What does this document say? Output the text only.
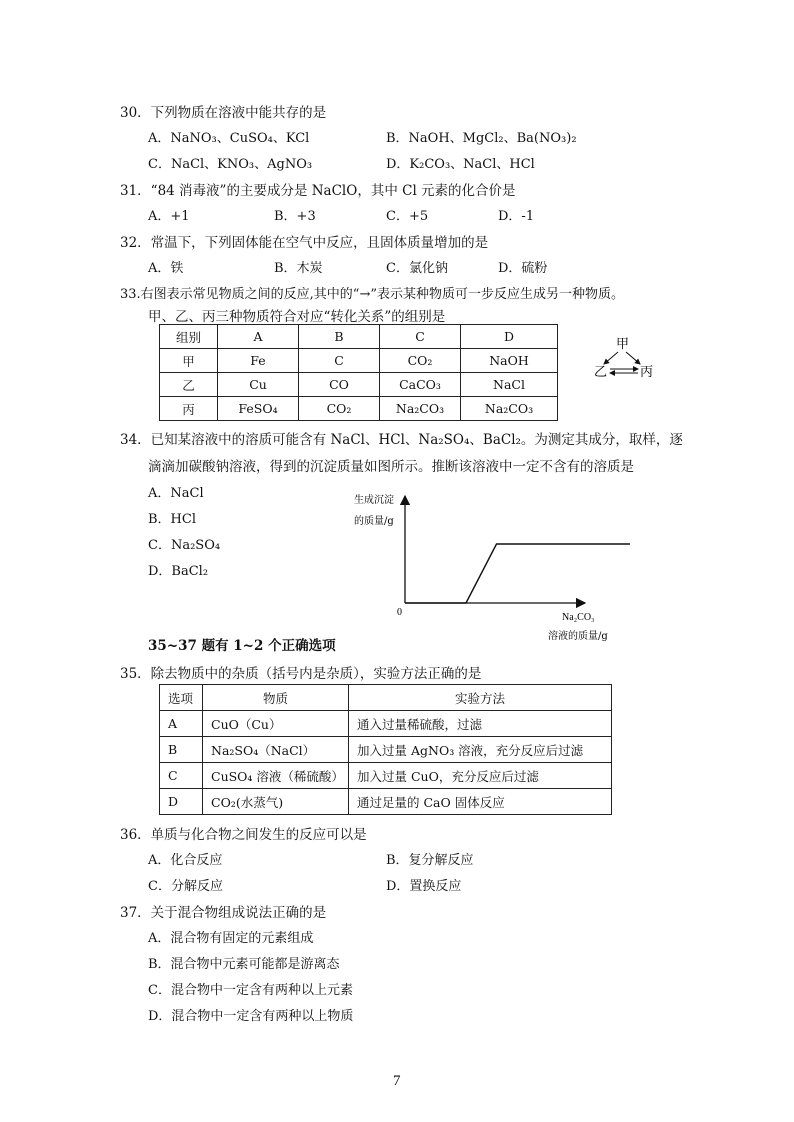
30．下列物质在溶液中能共存的是
A．NaNO₃、CuSO₄、KCl	B．NaOH、MgCl₂、Ba(NO₃)₂
C．NaCl、KNO₃、AgNO₃	D．K₂CO₃、NaCl、HCl
31．“84 消毒液”的主要成分是 NaClO，其中 Cl 元素的化合价是
A．+1	B．+3	C．+5	D．-1
32．常温下，下列固体能在空气中反应，且固体质量增加的是
A．铁	B．木炭	C．氯化钠	D．硫粉
33.右图表示常见物质之间的反应,其中的“→”表示某种物质可一步反应生成另一种物质。
甲、乙、丙三种物质符合对应“转化关系”的组别是
组别	A	B	C	D
甲	Fe	C	CO₂	NaOH
乙	Cu	CO	CaCO₃	NaCl
丙	FeSO₄	CO₂	Na₂CO₃	Na₂CO₃
甲
乙	丙
34．已知某溶液中的溶质可能含有 NaCl、HCl、Na₂SO₄、BaCl₂。为测定其成分，取样，逐
滴滴加碳酸钠溶液，得到的沉淀质量如图所示。推断该溶液中一定不含有的溶质是
A．NaCl
B．HCl
C．Na₂SO₄
D．BaCl₂
生成沉淀
的质量/g
0	Na₂CO₃
溶液的质量/g
35~37 题有 1~2 个正确选项
35．除去物质中的杂质（括号内是杂质），实验方法正确的是
选项	物质	实验方法
A	CuO（Cu）	通入过量稀硫酸，过滤
B	Na₂SO₄（NaCl）	加入过量 AgNO₃ 溶液，充分反应后过滤
C	CuSO₄ 溶液（稀硫酸）	加入过量 CuO，充分反应后过滤
D	CO₂(水蒸气)	通过足量的 CaO 固体反应
36．单质与化合物之间发生的反应可以是
A．化合反应	B．复分解反应
C．分解反应	D．置换反应
37．关于混合物组成说法正确的是
A．混合物有固定的元素组成
B．混合物中元素可能都是游离态
C．混合物中一定含有两种以上元素
D．混合物中一定含有两种以上物质
7
